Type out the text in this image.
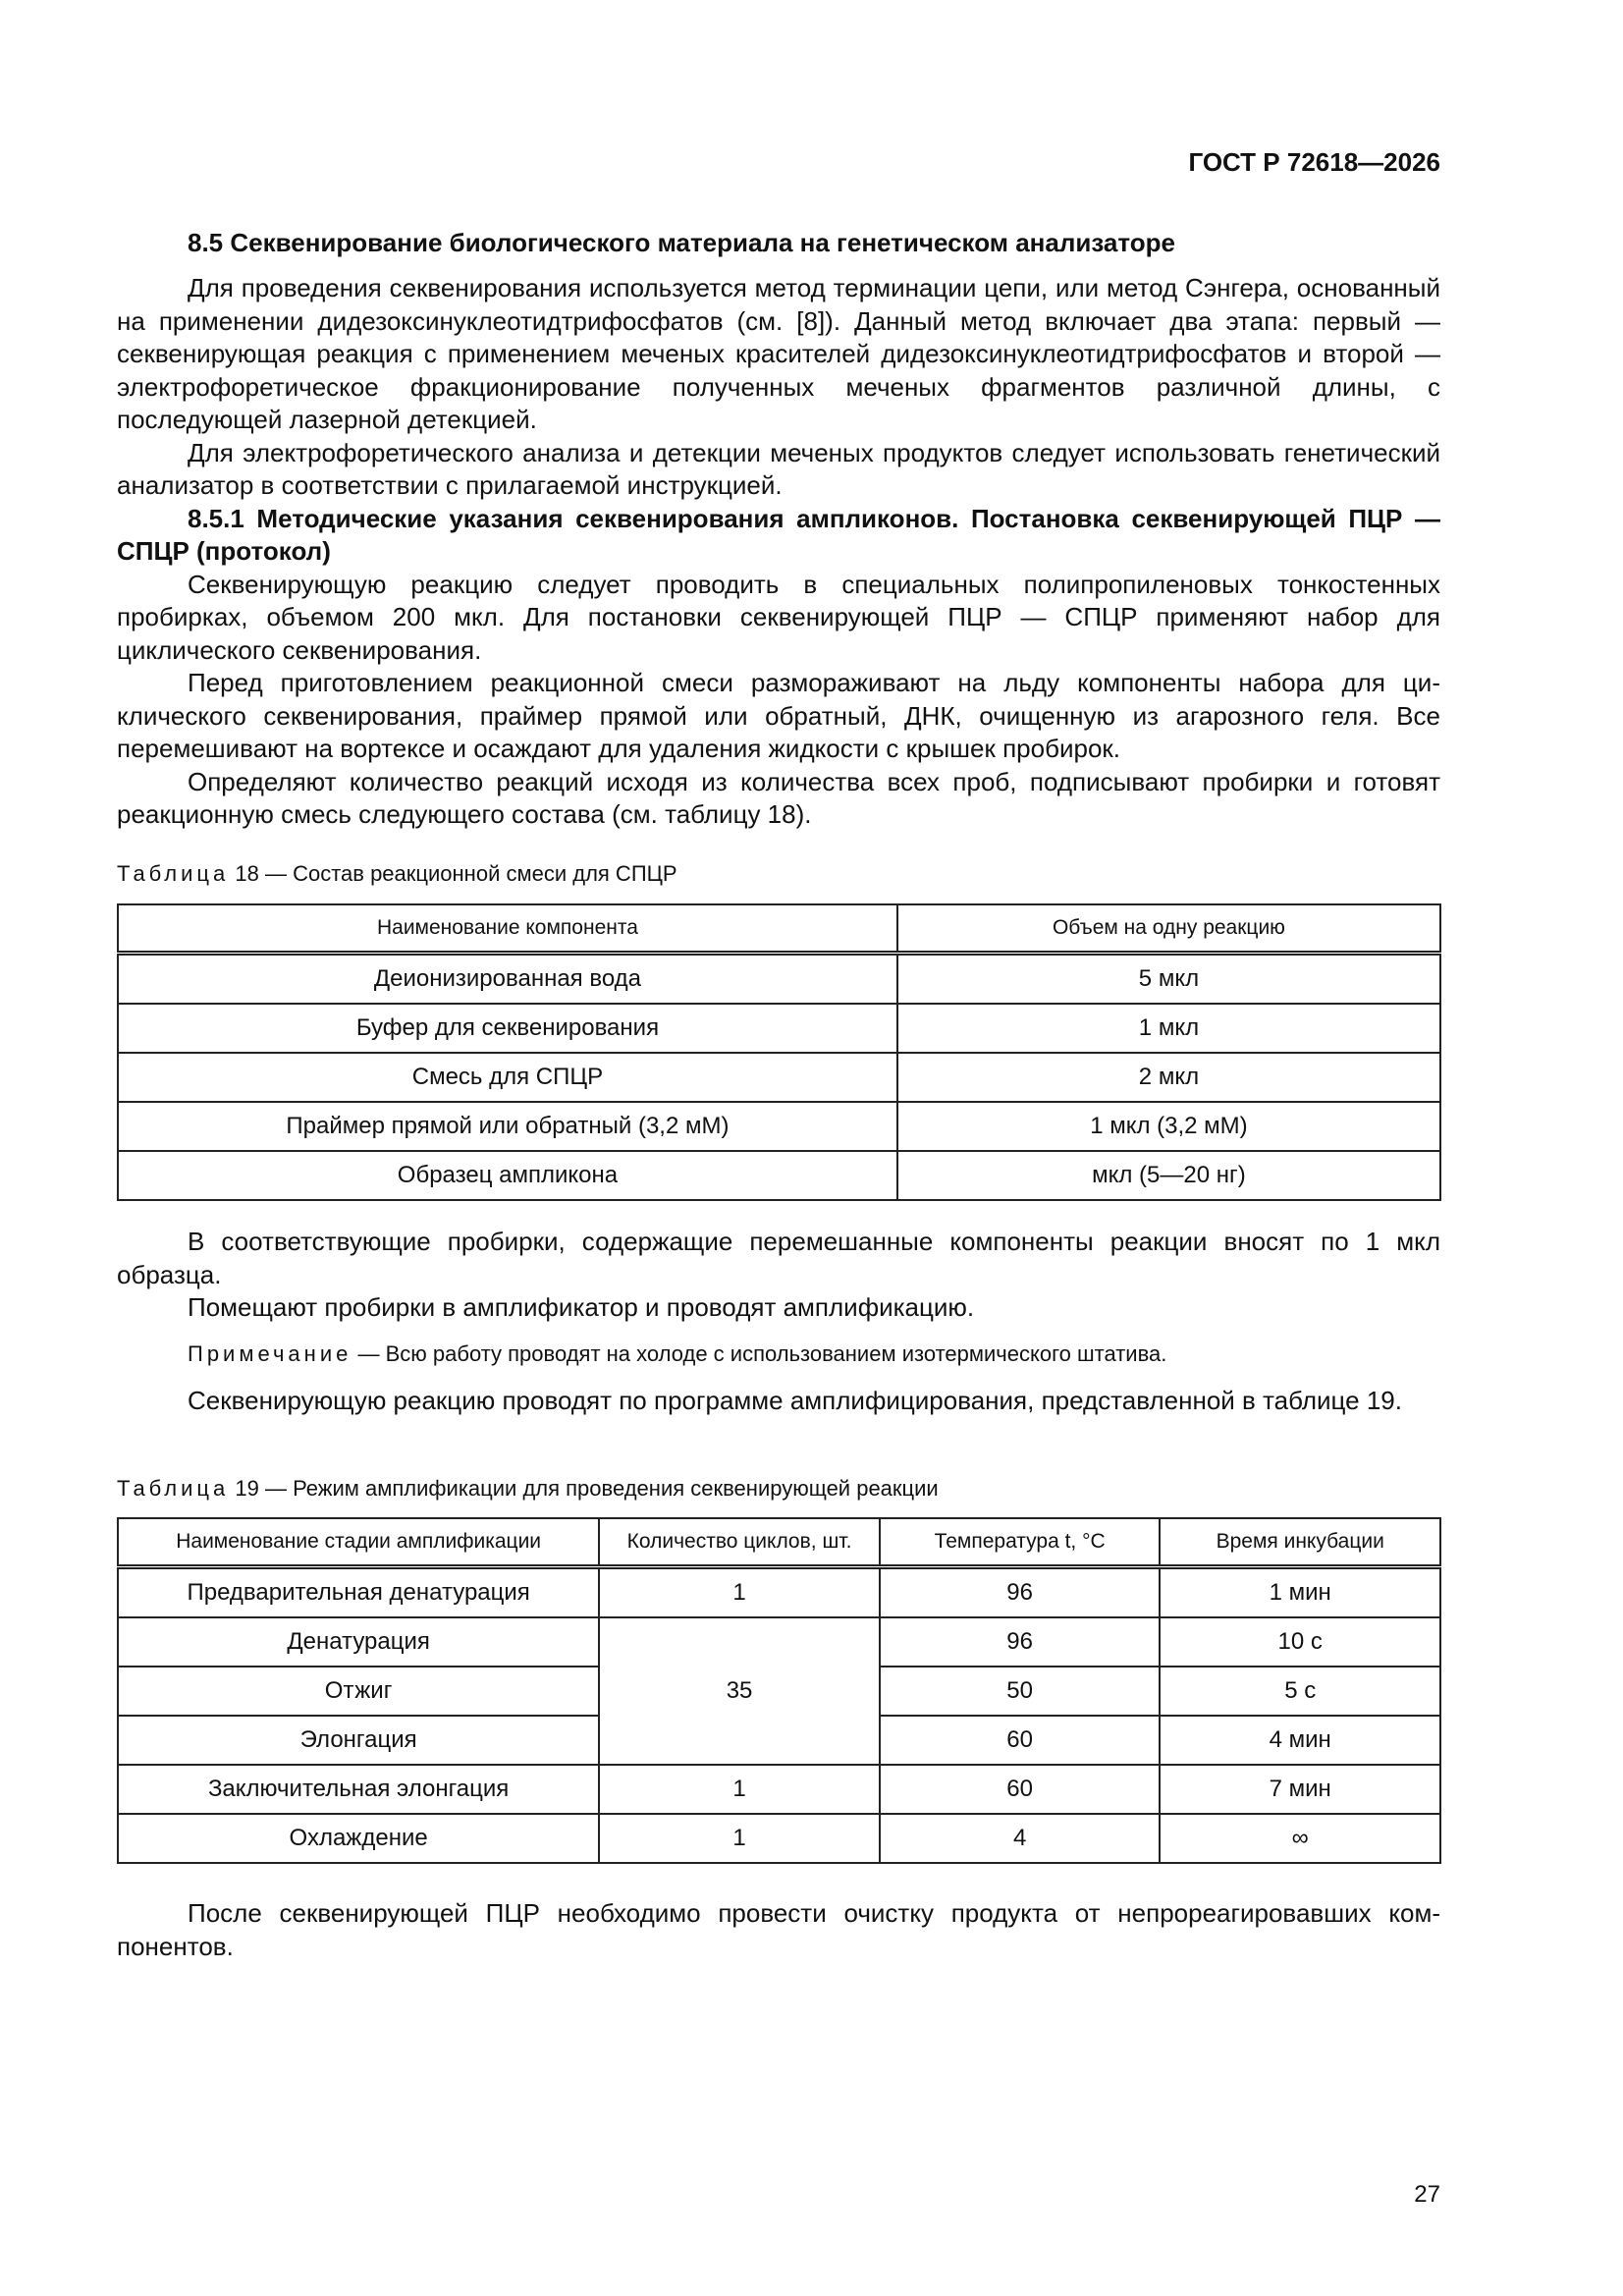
ГОСТ Р 72618—2026
8.5 Секвенирование биологического материала на генетическом анализаторе

Для проведения секвенирования используется метод терминации цепи, или метод Сэнгера, основанный на применении дидезоксинуклеотидтрифосфатов (см. [8]). Данный метод включает два этапа: первый — секвенирующая реакция с применением меченых красителей дидезоксинуклеотидтрифосфатов и второй — электрофоретическое фракционирование полученных меченых фрагментов различной длины, с последующей лазерной детекцией.

Для электрофоретического анализа и детекции меченых продуктов следует использовать генетический анализатор в соответствии с прилагаемой инструкцией.

8.5.1 Методические указания секвенирования ампликонов. Постановка секвенирующей ПЦР — СПЦР (протокол)

Секвенирующую реакцию следует проводить в специальных полипропиленовых тонкостенных пробирках, объемом 200 мкл. Для постановки секвенирующей ПЦР — СПЦР применяют набор для циклического секвенирования.

Перед приготовлением реакционной смеси размораживают на льду компоненты набора для циклического секвенирования, праймер прямой или обратный, ДНК, очищенную из агарозного геля. Все перемешивают на вортексе и осаждают для удаления жидкости с крышек пробирок.

Определяют количество реакций исходя из количества всех проб, подписывают пробирки и готовят реакционную смесь следующего состава (см. таблицу 18).

Таблица 18 — Состав реакционной смеси для СПЦР
Наименование компонента	Объем на одну реакцию
Деионизированная вода	5 мкл
Буфер для секвенирования	1 мкл
Смесь для СПЦР	2 мкл
Праймер прямой или обратный (3,2 мМ)	1 мкл (3,2 мМ)
Образец ампликона	мкл (5—20 нг)

В соответствующие пробирки, содержащие перемешанные компоненты реакции вносят по 1 мкл образца.

Помещают пробирки в амплификатор и проводят амплификацию.

Примечание — Всю работу проводят на холоде с использованием изотермического штатива.

Секвенирующую реакцию проводят по программе амплифицирования, представленной в таблице 19.

Таблица 19 — Режим амплификации для проведения секвенирующей реакции
Наименование стадии амплификации	Количество циклов, шт.	Температура t, °С	Время инкубации
Предварительная денатурация	1	96	1 мин
Денатурация	35	96	10 с
Отжиг		50	5 с
Элонгация		60	4 мин
Заключительная элонгация	1	60	7 мин
Охлаждение	1	4	∞

После секвенирующей ПЦР необходимо провести очистку продукта от непрореагировавших компонентов.

27
